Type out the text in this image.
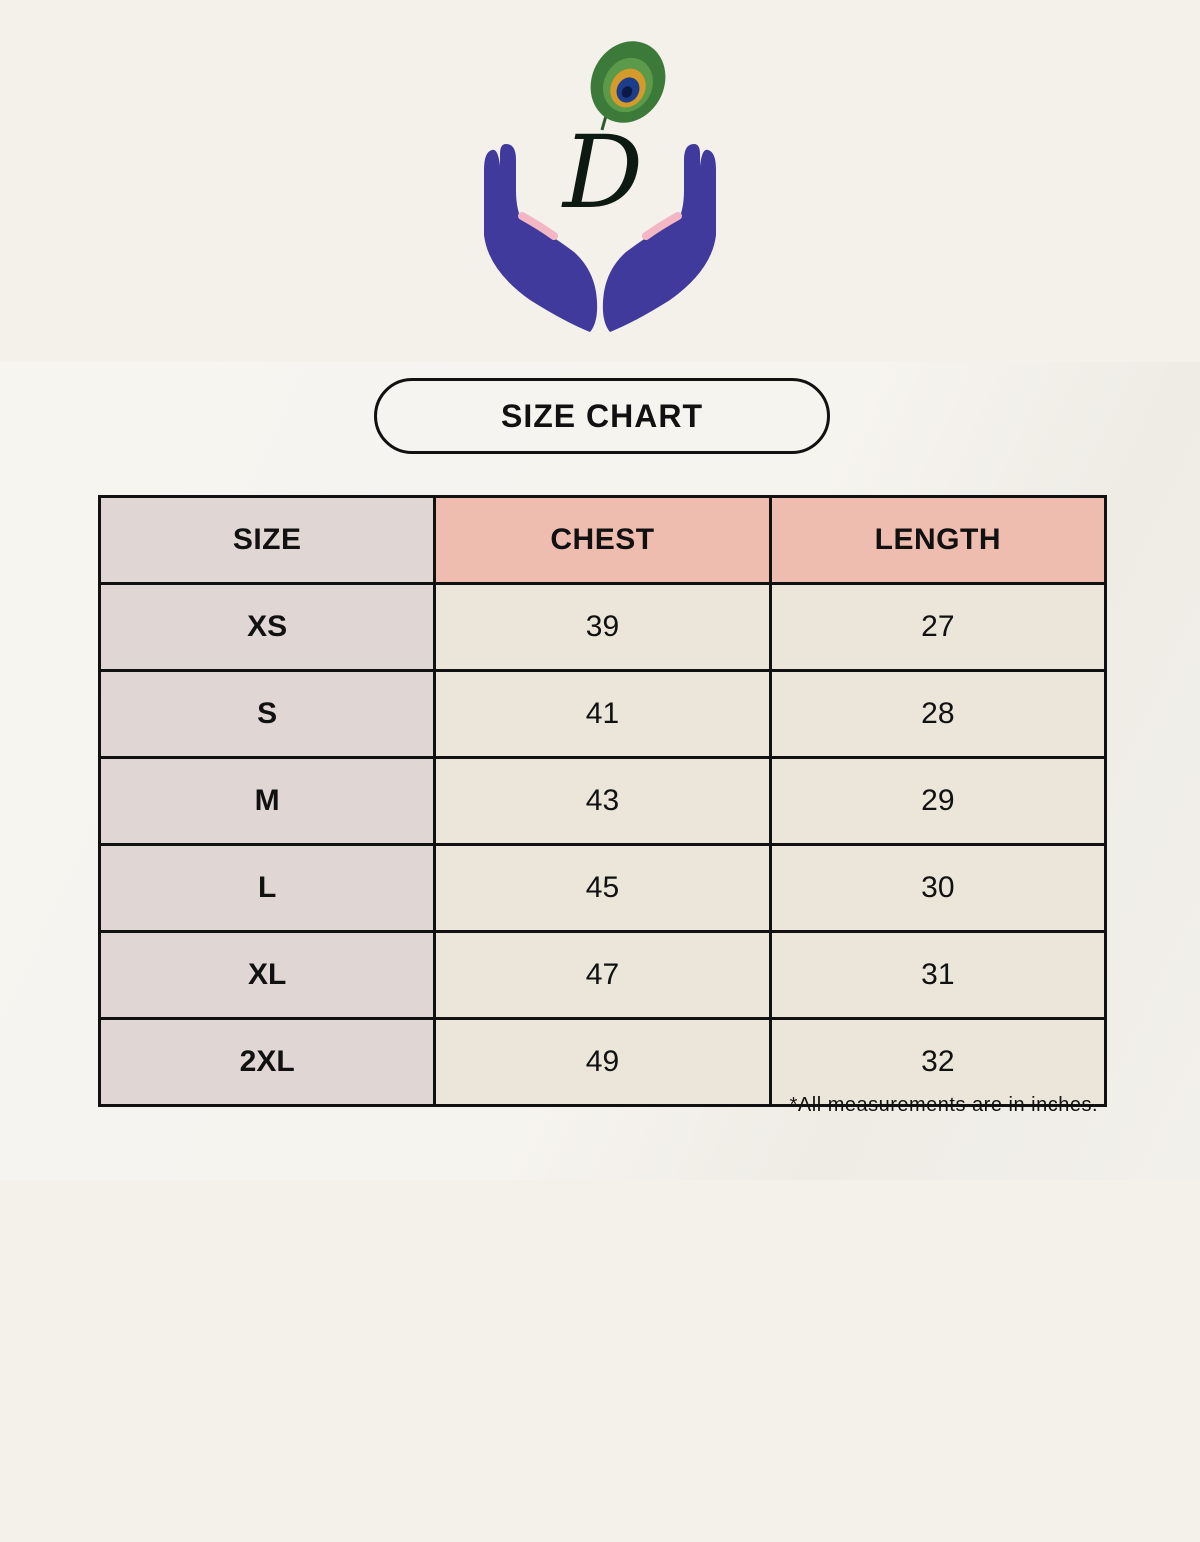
D
SIZE CHART
SIZE	CHEST	LENGTH
XS	39	27
S	41	28
M	43	29
L	45	30
XL	47	31
2XL	49	32
*All measurements are in inches.
